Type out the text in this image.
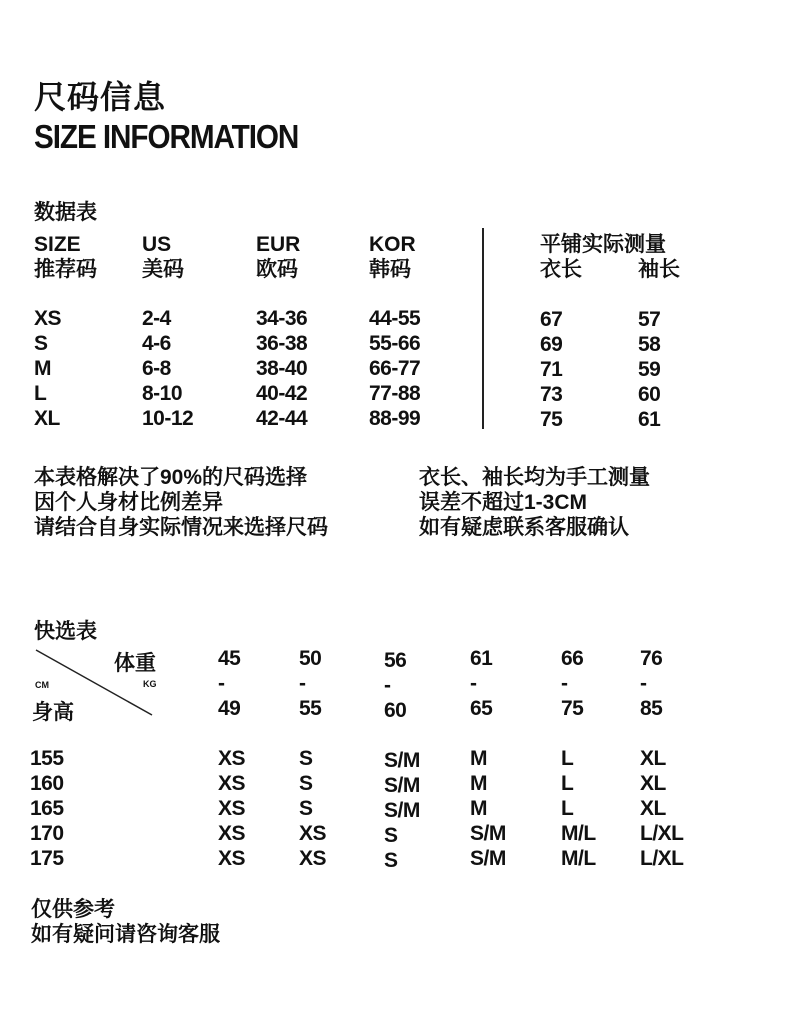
尺码信息
SIZE INFORMATION
数据表
SIZE
推荐码
US
美码
EUR
欧码
KOR
韩码
平铺实际测量
衣长	袖长
XS
S
M
L
XL
2-4
4-6
6-8
8-10
10-12
34-36
36-38
38-40
40-42
42-44
44-55
55-66
66-77
77-88
88-99
67
69
71
73
75
57
58
59
60
61
本表格解决了90%的尺码选择
因个人身材比例差异
请结合自身实际情况来选择尺码
衣长、袖长均为手工测量
误差不超过1-3CM
如有疑虑联系客服确认
快选表
体重
KG
CM
身高
45
-
49
50
-
55
56
-
60
61
-
65
66
-
75
76
-
85
155
160
165
170
175
XS
XS
XS
XS
XS
S
S
S
XS
XS
S/M
S/M
S/M
S
S
M
M
M
S/M
S/M
L
L
L
M/L
M/L
XL
XL
XL
L/XL
L/XL
仅供参考
如有疑问请咨询客服
